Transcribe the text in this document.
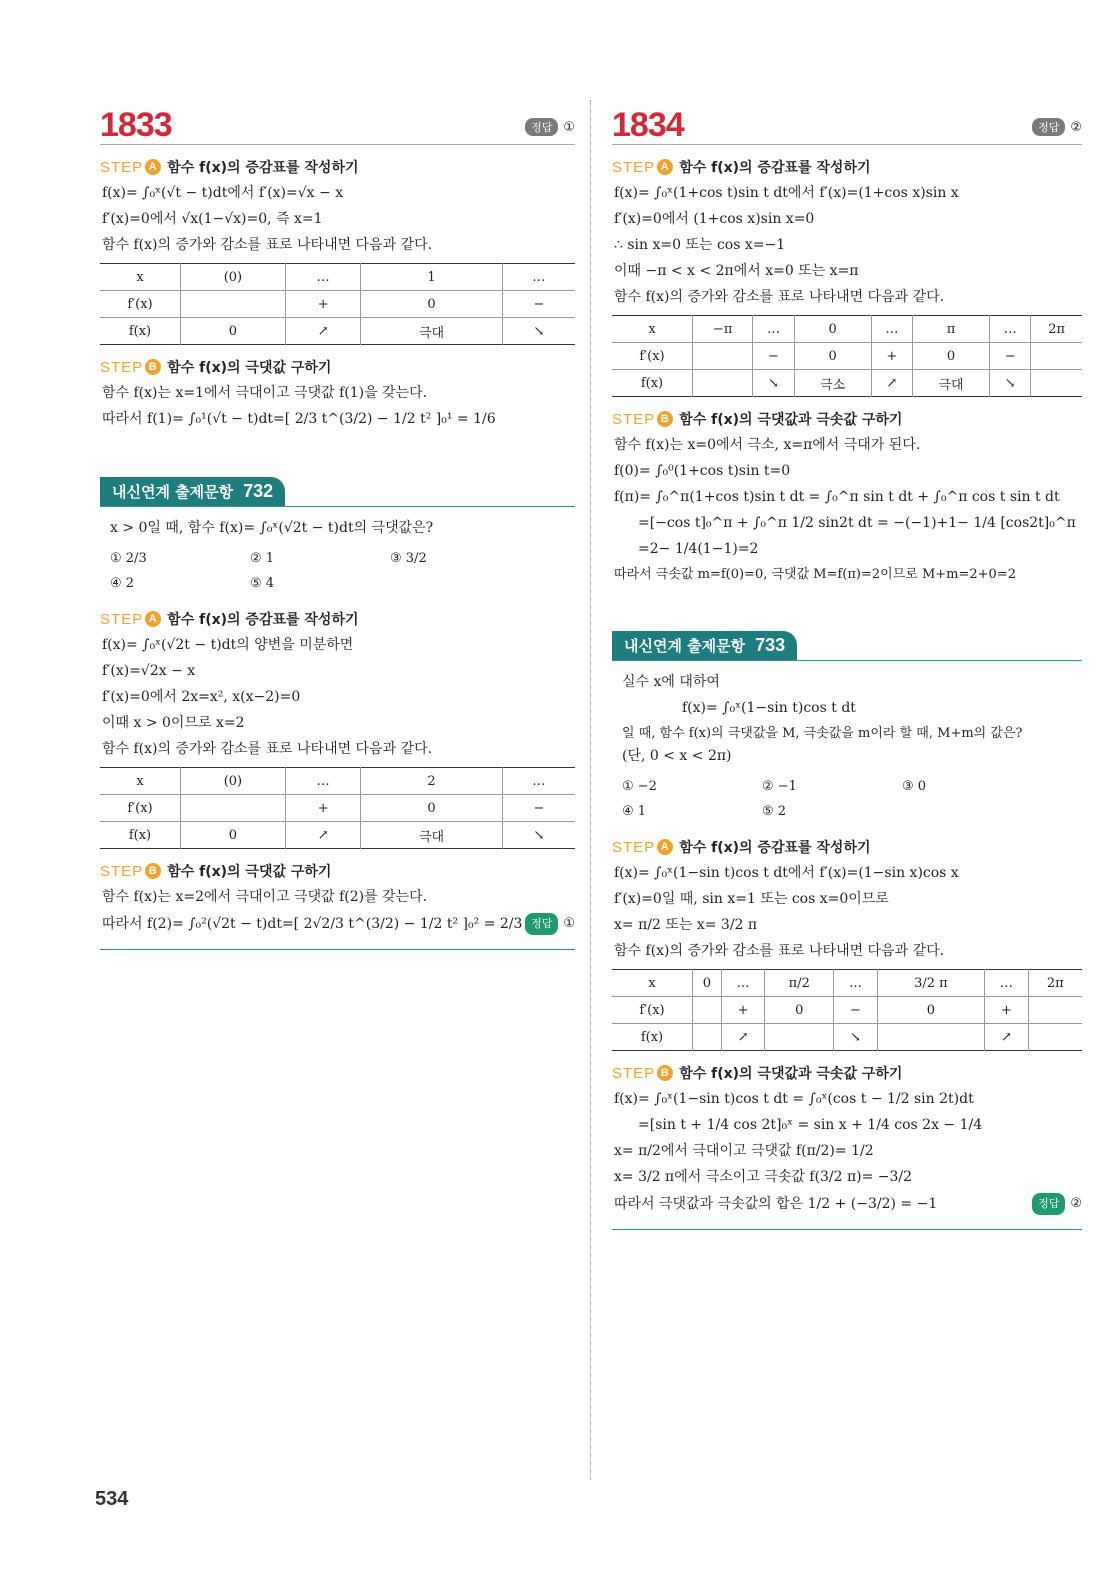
1833	정답 ①
STEP A 함수 f(x)의 증감표를 작성하기
f(x)= ∫₀ˣ(√t − t)dt에서 f′(x)=√x − x
f′(x)=0에서 √x(1−√x)=0, 즉 x=1
함수 f(x)의 증가와 감소를 표로 나타내면 다음과 같다.
x	(0)	…	1	…
f′(x)		+	0	−
f(x)	0	↗	극대	↘
STEP B 함수 f(x)의 극댓값 구하기
함수 f(x)는 x=1에서 극대이고 극댓값 f(1)을 갖는다.
따라서 f(1)= ∫₀¹(√t − t)dt=[ 2/3 t^(3/2) − 1/2 t² ]₀¹ = 1/6
내신연계 출제문항 732
x > 0일 때, 함수 f(x)= ∫₀ˣ(√2t − t)dt의 극댓값은?
① 2/3	② 1	③ 3/2
④ 2	⑤ 4
STEP A 함수 f(x)의 증감표를 작성하기
f(x)= ∫₀ˣ(√2t − t)dt의 양변을 미분하면
f′(x)=√2x − x
f′(x)=0에서 2x=x², x(x−2)=0
이때 x > 0이므로 x=2
함수 f(x)의 증가와 감소를 표로 나타내면 다음과 같다.
x	(0)	…	2	…
f′(x)		+	0	−
f(x)	0	↗	극대	↘
STEP B 함수 f(x)의 극댓값 구하기
함수 f(x)는 x=2에서 극대이고 극댓값 f(2)를 갖는다.
따라서 f(2)= ∫₀²(√2t − t)dt=[ 2√2/3 t^(3/2) − 1/2 t² ]₀² = 2/3 정답 ①
1834	정답 ②
STEP A 함수 f(x)의 증감표를 작성하기
f(x)= ∫₀ˣ(1+cos t)sin t dt에서 f′(x)=(1+cos x)sin x
f′(x)=0에서 (1+cos x)sin x=0
∴ sin x=0 또는 cos x=−1
이때 −π < x < 2π에서 x=0 또는 x=π
함수 f(x)의 증가와 감소를 표로 나타내면 다음과 같다.
x	−π	…	0	…	π	…	2π
f′(x)		−	0	+	0	−	
f(x)		↘	극소	↗	극대	↘	
STEP B 함수 f(x)의 극댓값과 극솟값 구하기
함수 f(x)는 x=0에서 극소, x=π에서 극대가 된다.
f(0)= ∫₀⁰(1+cos t)sin t=0
f(π)= ∫₀^π(1+cos t)sin t dt = ∫₀^π sin t dt + ∫₀^π cos t sin t dt
=[−cos t]₀^π + ∫₀^π 1/2 sin2t dt = −(−1)+1− 1/4 [cos2t]₀^π
=2− 1/4(1−1)=2
따라서 극솟값 m=f(0)=0, 극댓값 M=f(π)=2이므로 M+m=2+0=2
내신연계 출제문항 733
실수 x에 대하여
f(x)= ∫₀ˣ(1−sin t)cos t dt
일 때, 함수 f(x)의 극댓값을 M, 극솟값을 m이라 할 때, M+m의 값은?
(단, 0 < x < 2π)
① −2	② −1	③ 0
④ 1	⑤ 2
STEP A 함수 f(x)의 증감표를 작성하기
f(x)= ∫₀ˣ(1−sin t)cos t dt에서 f′(x)=(1−sin x)cos x
f′(x)=0일 때, sin x=1 또는 cos x=0이므로
x= π/2 또는 x= 3/2 π
함수 f(x)의 증가와 감소를 표로 나타내면 다음과 같다.
x	0	…	π/2	…	3/2 π	…	2π
f′(x)		+	0	−	0	+	
f(x)		↗		↘		↗	
STEP B 함수 f(x)의 극댓값과 극솟값 구하기
f(x)= ∫₀ˣ(1−sin t)cos t dt = ∫₀ˣ(cos t − 1/2 sin 2t)dt
=[sin t + 1/4 cos 2t]₀ˣ = sin x + 1/4 cos 2x − 1/4
x= π/2에서 극대이고 극댓값 f(π/2)= 1/2
x= 3/2 π에서 극소이고 극솟값 f(3/2 π)= −3/2
따라서 극댓값과 극솟값의 합은 1/2 + (−3/2) = −1	정답 ②
534
